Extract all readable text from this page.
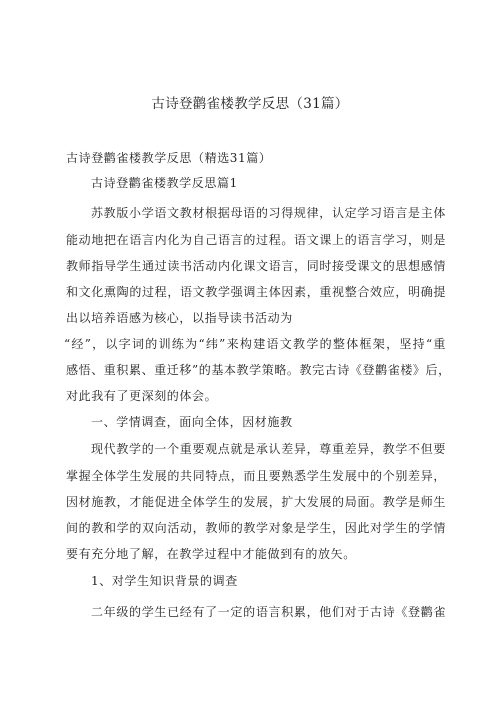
古诗登鹳雀楼教学反思（31篇）
古诗登鹳雀楼教学反思（精选31篇）
古诗登鹳雀楼教学反思篇1
苏教版小学语文教材根据母语的习得规律，认定学习语言是主体
能动地把在语言内化为自己语言的过程。语文课上的语言学习，则是
教师指导学生通过读书活动内化课文语言，同时接受课文的思想感情
和文化熏陶的过程，语文教学强调主体因素，重视整合效应，明确提
出以培养语感为核心，以指导读书活动为
“经”，以字词的训练为“纬”来构建语文教学的整体框架，坚持“重
感悟、重积累、重迁移”的基本教学策略。教完古诗《登鹳雀楼》后，
对此我有了更深刻的体会。
一、学情调查，面向全体，因材施教
现代教学的一个重要观点就是承认差异，尊重差异，教学不但要
掌握全体学生发展的共同特点，而且要熟悉学生发展中的个别差异，
因材施教，才能促进全体学生的发展，扩大发展的局面。教学是师生
间的教和学的双向活动，教师的教学对象是学生，因此对学生的学情
要有充分地了解，在教学过程中才能做到有的放矢。
1、对学生知识背景的调查
二年级的学生已经有了一定的语言积累，他们对于古诗《登鹳雀
